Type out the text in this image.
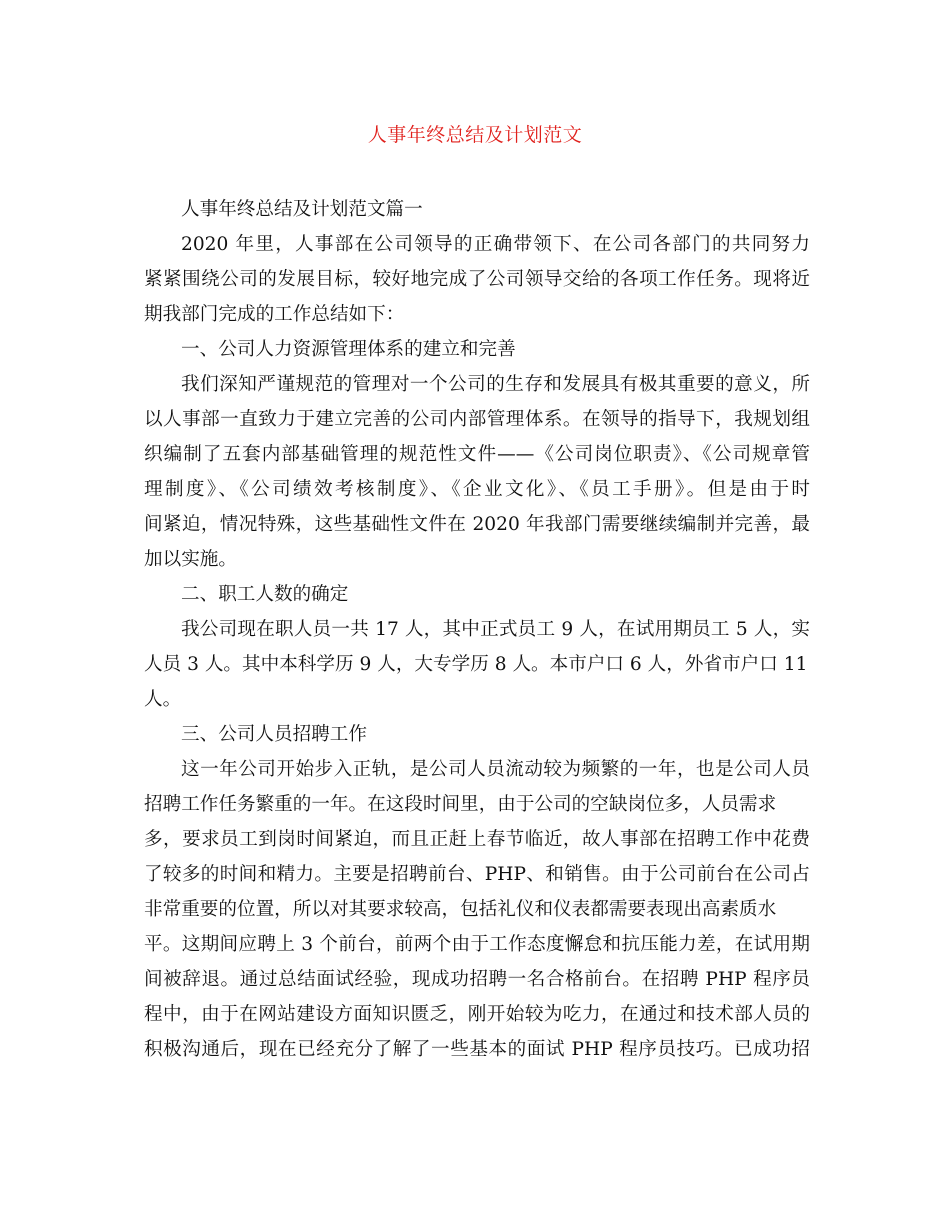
人事年终总结及计划范文
人事年终总结及计划范文篇一
2020 年里，人事部在公司领导的正确带领下、在公司各部门的共同努力
紧紧围绕公司的发展目标，较好地完成了公司领导交给的各项工作任务。现将近
期我部门完成的工作总结如下：
一、公司人力资源管理体系的建立和完善
我们深知严谨规范的管理对一个公司的生存和发展具有极其重要的意义，所
以人事部一直致力于建立完善的公司内部管理体系。在领导的指导下，我规划组
织编制了五套内部基础管理的规范性文件——《公司岗位职责》、《公司规章管
理制度》、《公司绩效考核制度》、《企业文化》、《员工手册》。但是由于时
间紧迫，情况特殊，这些基础性文件在 2020 年我部门需要继续编制并完善，最
加以实施。
二、职工人数的确定
我公司现在职人员一共 17 人，其中正式员工 9 人，在试用期员工 5 人，实
人员 3 人。其中本科学历 9 人，大专学历 8 人。本市户口 6 人，外省市户口 11
人。
三、公司人员招聘工作
这一年公司开始步入正轨，是公司人员流动较为频繁的一年，也是公司人员
招聘工作任务繁重的一年。在这段时间里，由于公司的空缺岗位多，人员需求
多，要求员工到岗时间紧迫，而且正赶上春节临近，故人事部在招聘工作中花费
了较多的时间和精力。主要是招聘前台、PHP、和销售。由于公司前台在公司占
非常重要的位置，所以对其要求较高，包括礼仪和仪表都需要表现出高素质水
平。这期间应聘上 3 个前台，前两个由于工作态度懈怠和抗压能力差，在试用期
间被辞退。通过总结面试经验，现成功招聘一名合格前台。在招聘 PHP 程序员
程中，由于在网站建设方面知识匮乏，刚开始较为吃力，在通过和技术部人员的
积极沟通后，现在已经充分了解了一些基本的面试 PHP 程序员技巧。已成功招
